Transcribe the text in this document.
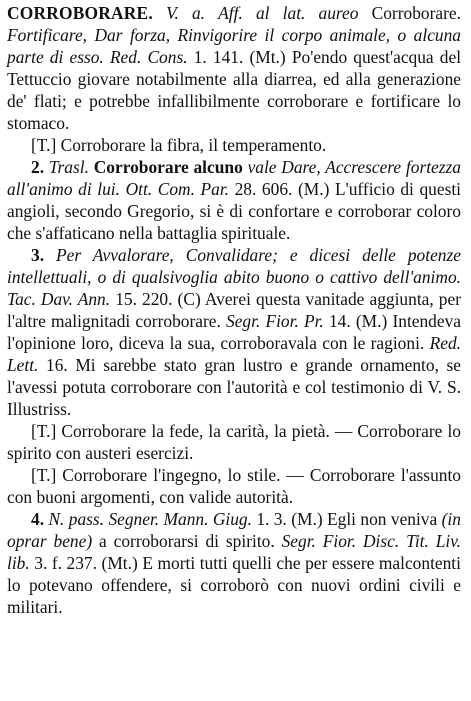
CORROBORARE. V. a. Aff. al lat. aureo Corroborare. Fortificare, Dar forza, Rinvigorire il corpo animale, o alcuna parte di esso. Red. Cons. 1. 141. (Mt.) Po'endo quest'acqua del Tettuccio giovare notabilmente alla diarrea, ed alla generazione de' flati; e potrebbe infallibilmente corroborare e fortificare lo stomaco.

[T.] Corroborare la fibra, il temperamento.

2. Trasl. Corroborare alcuno vale Dare, Accrescere fortezza all'animo di lui. Ott. Com. Par. 28. 606. (M.) L'ufficio di questi angioli, secondo Gregorio, si è di confortare e corroborar coloro che s'affaticano nella battaglia spirituale.

3. Per Avvalorare, Convalidare; e dicesi delle potenze intellettuali, o di qualsivoglia abito buono o cattivo dell'animo. Tac. Dav. Ann. 15. 220. (C) Averei questa vanitade aggiunta, per l'altre malignitadi corroborare. Segr. Fior. Pr. 14. (M.) Intendeva l'opinione loro, diceva la sua, corroboravala con le ragioni. Red. Lett. 16. Mi sarebbe stato gran lustro e grande ornamento, se l'avessi potuta corroborare con l'autorità e col testimonio di V. S. Illustriss.

[T.] Corroborare la fede, la carità, la pietà. — Corroborare lo spirito con austeri esercizi.

[T.] Corroborare l'ingegno, lo stile. — Corroborare l'assunto con buoni argomenti, con valide autorità.

4. N. pass. Segner. Mann. Giug. 1. 3. (M.) Egli non veniva (in oprar bene) a corroborarsi di spirito. Segr. Fior. Disc. Tit. Liv. lib. 3. f. 237. (Mt.) E morti tutti quelli che per essere malcontenti lo potevano offendere, si corroborò con nuovi ordini civili e militari.
